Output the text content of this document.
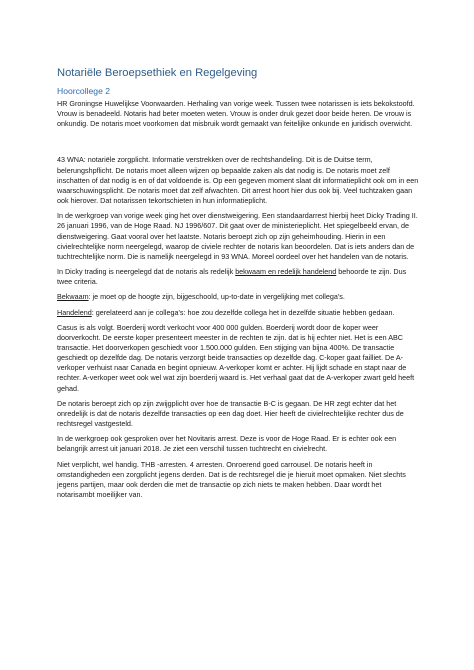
Notariële Beroepsethiek en Regelgeving
Hoorcollege 2

HR Groningse Huwelijkse Voorwaarden. Herhaling van vorige week. Tussen twee notarissen is iets bekokstoofd. Vrouw is benadeeld. Notaris had beter moeten weten. Vrouw is onder druk gezet door beide heren. De vrouw is onkundig. De notaris moet voorkomen dat misbruik wordt gemaakt van feitelijke onkunde en juridisch overwicht.

43 WNA: notariële zorgplicht. Informatie verstrekken over de rechtshandeling. Dit is de Duitse term, belerungshpflicht. De notaris moet alleen wijzen op bepaalde zaken als dat nodig is. De notaris moet zelf inschatten of dat nodig is en of dat voldoende is. Op een gegeven moment slaat dit informatieplicht ook om in een waarschuwingsplicht. De notaris moet dat zelf afwachten. Dit arrest hoort hier dus ook bij. Veel tuchtzaken gaan ook hierover. Dat notarissen tekortschieten in hun informatieplicht.

In de werkgroep van vorige week ging het over dienstweigering. Een standaardarrest hierbij heet Dicky Trading II. 26 januari 1996, van de Hoge Raad. NJ 1996/607. Dit gaat over de ministerieplicht. Het spiegelbeeld ervan, de dienstweigering. Gaat vooral over het laatste. Notaris beroept zich op zijn geheimhouding. Hierin in een civielrechtelijke norm neergelegd, waarop de civiele rechter de notaris kan beoordelen. Dat is iets anders dan de tuchtrechtelijke norm. Die is namelijk neergelegd in 93 WNA. Moreel oordeel over het handelen van de notaris.

In Dicky trading is neergelegd dat de notaris als redelijk bekwaam en redelijk handelend behoorde te zijn. Dus twee criteria.

Bekwaam: je moet op de hoogte zijn, bijgeschoold, up-to-date in vergelijking met collega's.

Handelend: gerelateerd aan je collega's: hoe zou dezelfde collega het in dezelfde situatie hebben gedaan.

Casus is als volgt. Boerderij wordt verkocht voor 400 000 gulden. Boerderij wordt door de koper weer doorverkocht. De eerste koper presenteert meester in de rechten te zijn. dat is hij echter niet. Het is een ABC transactie. Het doorverkopen geschiedt voor 1.500.000 gulden. Een stijging van bijna 400%. De transactie geschiedt op dezelfde dag. De notaris verzorgt beide transacties op dezelfde dag. C-koper gaat failliet. De A-verkoper verhuist naar Canada en begint opnieuw. A-verkoper komt er achter. Hij lijdt schade en stapt naar de rechter. A-verkoper weet ook wel wat zijn boerderij waard is. Het verhaal gaat dat de A-verkoper zwart geld heeft gehad.

De notaris beroept zich op zijn zwijgplicht over hoe de transactie B-C is gegaan. De HR zegt echter dat het onredelijk is dat de notaris dezelfde transacties op een dag doet. Hier heeft de civielrechtelijke rechter dus de rechtsregel vastgesteld.

In de werkgroep ook gesproken over het Novitaris arrest. Deze is voor de Hoge Raad. Er is echter ook een belangrijk arrest uit januari 2018. Je ziet een verschil tussen tuchtrecht en civielrecht.

Niet verplicht, wel handig. THB -arresten. 4 arresten. Onroerend goed carrousel. De notaris heeft in omstandigheden een zorgplicht jegens derden. Dat is de rechtsregel die je hieruit moet opmaken. Niet slechts jegens partijen, maar ook derden die met de transactie op zich niets te maken hebben. Daar wordt het notarisambt moeilijker van.
